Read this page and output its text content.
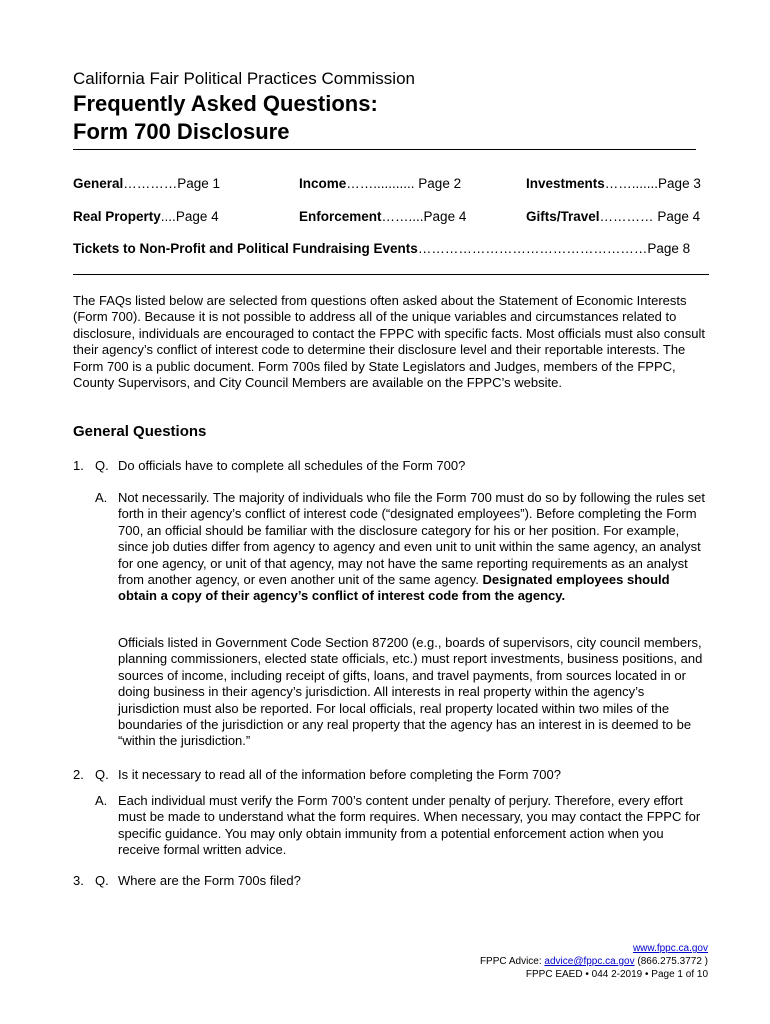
California Fair Political Practices Commission
Frequently Asked Questions:
Form 700 Disclosure
General…………Page 1	Income……........... Page 2	Investments…….......Page 3
Real Property....Page 4	Enforcement……....Page 4	Gifts/Travel………… Page 4
Tickets to Non-Profit and Political Fundraising Events……………………………………………Page 8
The FAQs listed below are selected from questions often asked about the Statement of Economic Interests (Form 700). Because it is not possible to address all of the unique variables and circumstances related to disclosure, individuals are encouraged to contact the FPPC with specific facts. Most officials must also consult their agency’s conflict of interest code to determine their disclosure level and their reportable interests. The Form 700 is a public document. Form 700s filed by State Legislators and Judges, members of the FPPC, County Supervisors, and City Council Members are available on the FPPC’s website.
General Questions
1. Q. Do officials have to complete all schedules of the Form 700?
A. Not necessarily. The majority of individuals who file the Form 700 must do so by following the rules set forth in their agency’s conflict of interest code (“designated employees”). Before completing the Form 700, an official should be familiar with the disclosure category for his or her position. For example, since job duties differ from agency to agency and even unit to unit within the same agency, an analyst for one agency, or unit of that agency, may not have the same reporting requirements as an analyst from another agency, or even another unit of the same agency. Designated employees should obtain a copy of their agency’s conflict of interest code from the agency.
Officials listed in Government Code Section 87200 (e.g., boards of supervisors, city council members, planning commissioners, elected state officials, etc.) must report investments, business positions, and sources of income, including receipt of gifts, loans, and travel payments, from sources located in or doing business in their agency’s jurisdiction. All interests in real property within the agency’s jurisdiction must also be reported. For local officials, real property located within two miles of the boundaries of the jurisdiction or any real property that the agency has an interest in is deemed to be “within the jurisdiction.”
2. Q. Is it necessary to read all of the information before completing the Form 700?
A. Each individual must verify the Form 700’s content under penalty of perjury. Therefore, every effort must be made to understand what the form requires. When necessary, you may contact the FPPC for specific guidance. You may only obtain immunity from a potential enforcement action when you receive formal written advice.
3. Q. Where are the Form 700s filed?
www.fppc.ca.gov
FPPC Advice: advice@fppc.ca.gov (866.275.3772 )
FPPC EAED • 044 2-2019 • Page 1 of 10
